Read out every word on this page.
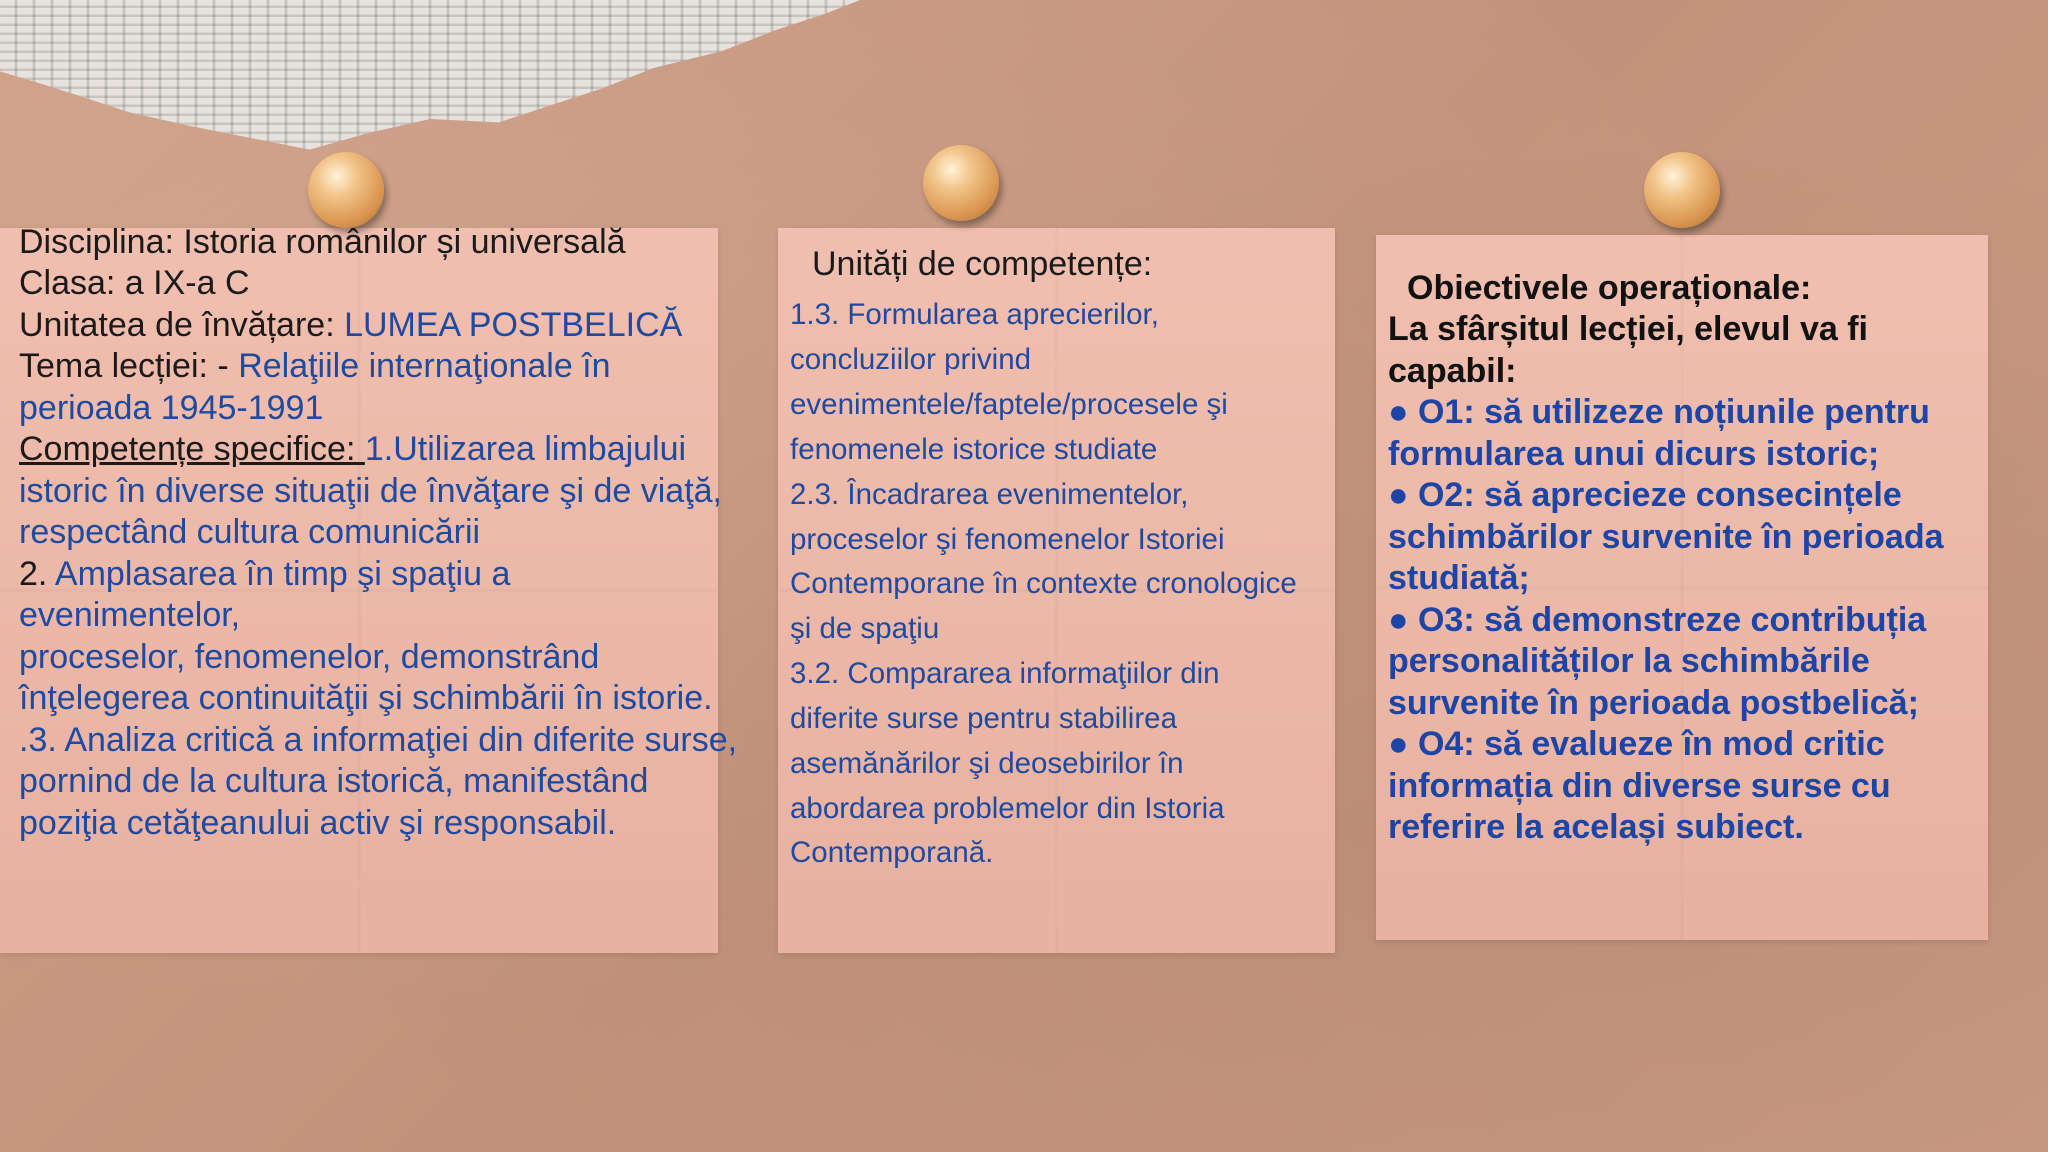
Disciplina: Istoria românilor și universală
Clasa: a IX-a C
Unitatea de învățare: LUMEA POSTBELICĂ
Tema lecției: - Relaţiile internaţionale în perioada 1945-1991
Competențe specifice: 1.Utilizarea limbajului istoric în diverse situaţii de învăţare şi de viaţă, respectând cultura comunicării
2. Amplasarea în timp şi spaţiu a evenimentelor,
proceselor, fenomenelor, demonstrând înţelegerea continuităţii şi schimbării în istorie.
.3. Analiza critică a informaţiei din diferite surse,
pornind de la cultura istorică, manifestând poziţia cetăţeanului activ şi responsabil.
Unități de competențe:
1.3. Formularea aprecierilor, concluziilor privind evenimentele/faptele/procesele şi fenomenele istorice studiate
2.3. Încadrarea evenimentelor, proceselor şi fenomenelor Istoriei Contemporane în contexte cronologice
şi de spaţiu
3.2. Compararea informaţiilor din diferite surse pentru stabilirea asemănărilor şi deosebirilor în abordarea problemelor din Istoria Contemporană.
Obiectivele operaționale:
La sfârșitul lecției, elevul va fi capabil:
● O1: să utilizeze noțiunile pentru formularea unui dicurs istoric;
● O2: să aprecieze consecințele schimbărilor survenite în perioada studiată;
● O3: să demonstreze contribuția personalităților la schimbările survenite în perioada postbelică;
● O4: să evalueze în mod critic informația din diverse surse cu referire la același subiect.
